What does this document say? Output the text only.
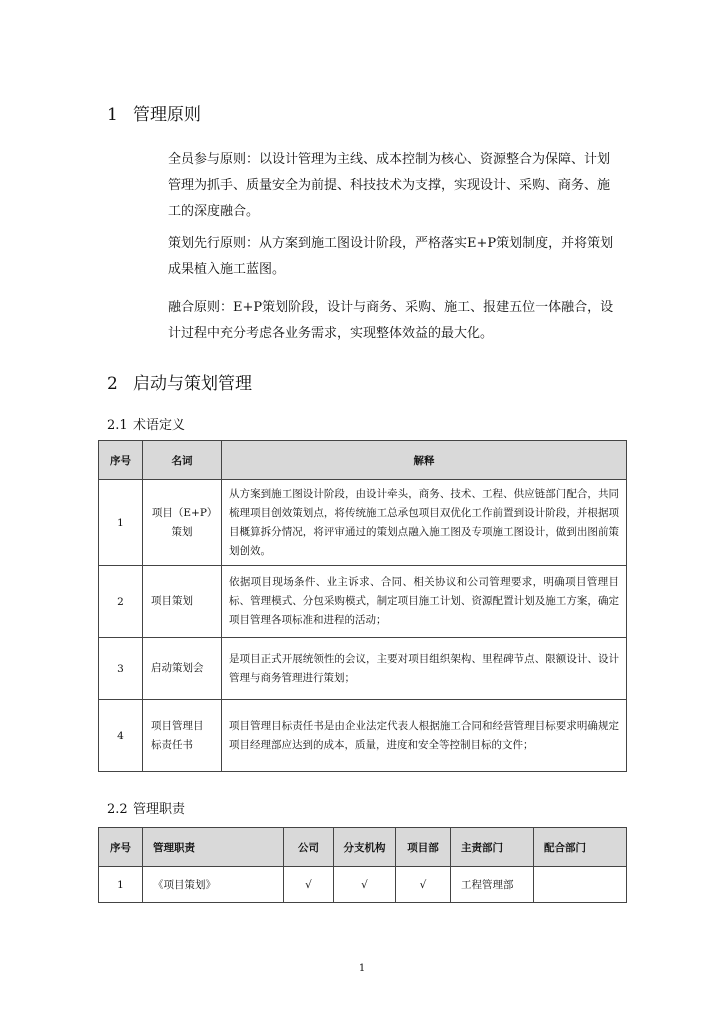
1 管理原则

全员参与原则：以设计管理为主线、成本控制为核心、资源整合为保障、计划管理为抓手、质量安全为前提、科技技术为支撑，实现设计、采购、商务、施工的深度融合。

策划先行原则：从方案到施工图设计阶段，严格落实E+P策划制度，并将策划成果植入施工蓝图。

融合原则：E+P策划阶段，设计与商务、采购、施工、报建五位一体融合，设计过程中充分考虑各业务需求，实现整体效益的最大化。

2 启动与策划管理
2.1 术语定义
序号	名词	解释
1	项目（E+P）策划	从方案到施工图设计阶段，由设计牵头，商务、技术、工程、供应链部门配合，共同梳理项目创效策划点，将传统施工总承包项目双优化工作前置到设计阶段，并根据项目概算拆分情况，将评审通过的策划点融入施工图及专项施工图设计，做到出图前策划创效。
2	项目策划	依据项目现场条件、业主诉求、合同、相关协议和公司管理要求，明确项目管理目标、管理模式、分包采购模式，制定项目施工计划、资源配置计划及施工方案，确定项目管理各项标准和进程的活动；
3	启动策划会	是项目正式开展统领性的会议，主要对项目组织架构、里程碑节点、限额设计、设计管理与商务管理进行策划；
4	项目管理目标责任书	项目管理目标责任书是由企业法定代表人根据施工合同和经营管理目标要求明确规定项目经理部应达到的成本，质量，进度和安全等控制目标的文件；
2.2 管理职责
序号	管理职责	公司	分支机构	项目部	主责部门	配合部门
1	《项目策划》	√	√	√	工程管理部	
1
